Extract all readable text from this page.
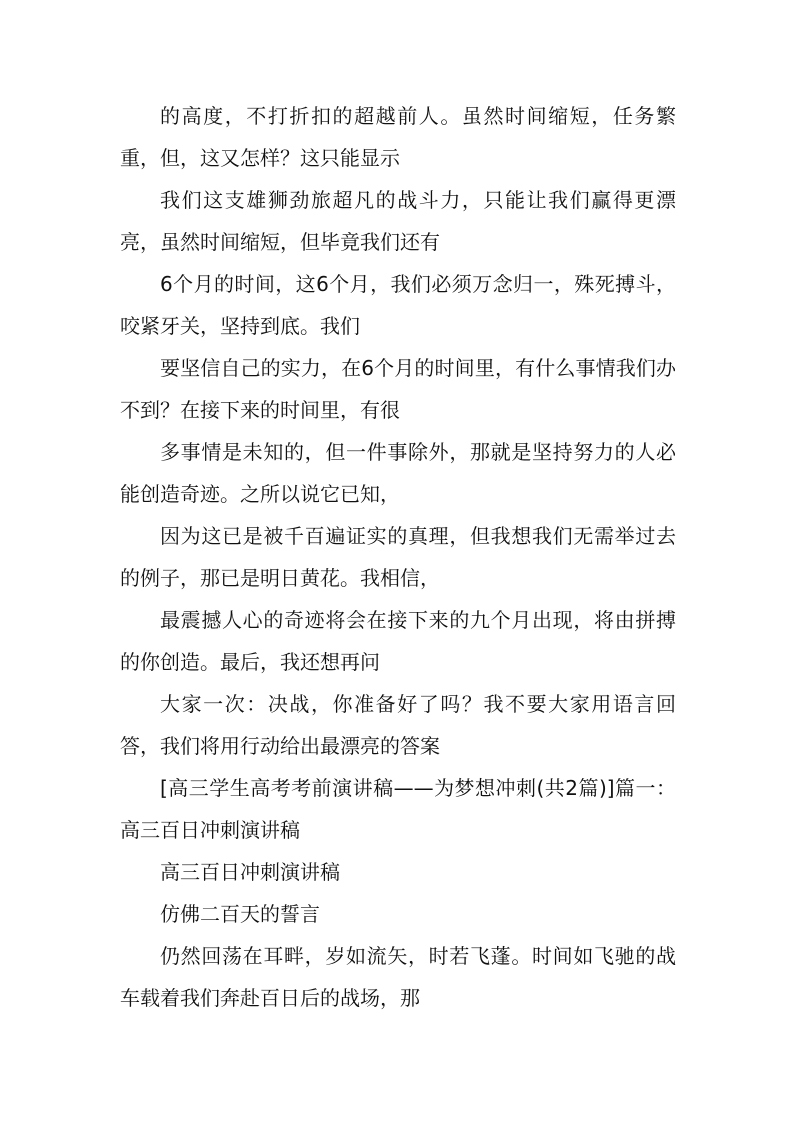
的高度，不打折扣的超越前人。虽然时间缩短，任务繁重，但，这又怎样？这只能显示

我们这支雄狮劲旅超凡的战斗力，只能让我们赢得更漂亮，虽然时间缩短，但毕竟我们还有

6个月的时间，这6个月，我们必须万念归一，殊死搏斗，咬紧牙关，坚持到底。我们

要坚信自己的实力，在6个月的时间里，有什么事情我们办不到？在接下来的时间里，有很

多事情是未知的，但一件事除外，那就是坚持努力的人必能创造奇迹。之所以说它已知，

因为这已是被千百遍证实的真理，但我想我们无需举过去的例子，那已是明日黄花。我相信，

最震撼人心的奇迹将会在接下来的九个月出现，将由拼搏的你创造。最后，我还想再问

大家一次：决战，你准备好了吗？我不要大家用语言回答，我们将用行动给出最漂亮的答案

[高三学生高考考前演讲稿——为梦想冲刺(共2篇)]篇一：高三百日冲刺演讲稿

高三百日冲刺演讲稿

仿佛二百天的誓言

仍然回荡在耳畔，岁如流矢，时若飞蓬。时间如飞驰的战车载着我们奔赴百日后的战场，那
